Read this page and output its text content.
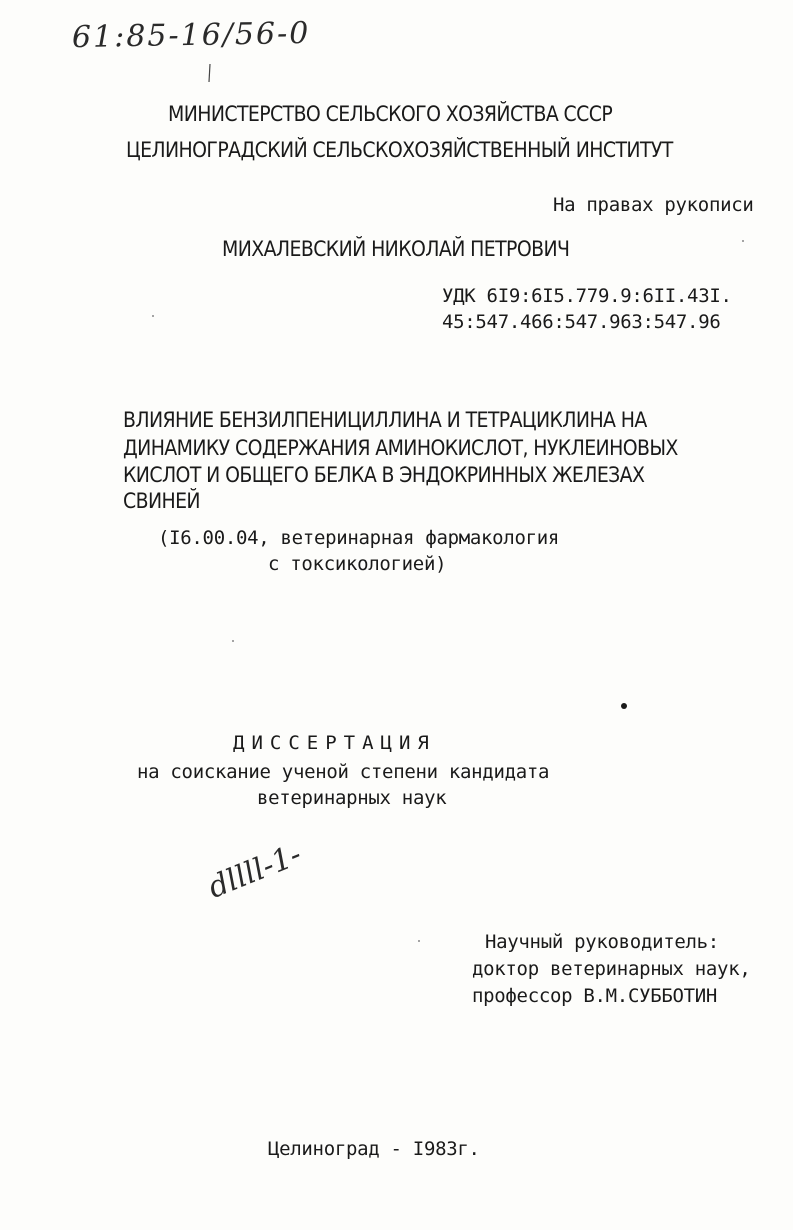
61:85-16/56-0
МИНИСТЕРСТВО СЕЛЬСКОГО ХОЗЯЙСТВА СССР
ЦЕЛИНОГРАДСКИЙ СЕЛЬСКОХОЗЯЙСТВЕННЫЙ ИНСТИТУТ
На правах рукописи
МИХАЛЕВСКИЙ НИКОЛАЙ ПЕТРОВИЧ
УДК 6I9:6I5.779.9:6II.43I.
45:547.466:547.963:547.96
ВЛИЯНИЕ БЕНЗИЛПЕНИЦИЛЛИНА И ТЕТРАЦИКЛИНА НА
ДИНАМИКУ СОДЕРЖАНИЯ АМИНОКИСЛОТ, НУКЛЕИНОВЫХ
КИСЛОТ И ОБЩЕГО БЕЛКА В ЭНДОКРИННЫХ ЖЕЛЕЗАХ
СВИНЕЙ
(I6.00.04, ветеринарная фармакология
с токсикологией)
ДИССЕРТАЦИЯ
на соискание ученой степени кандидата
ветеринарных наук
dllll-1-
Научный руководитель:
доктор ветеринарных наук,
профессор В.М.СУББОТИН
Целиноград - I983г.
